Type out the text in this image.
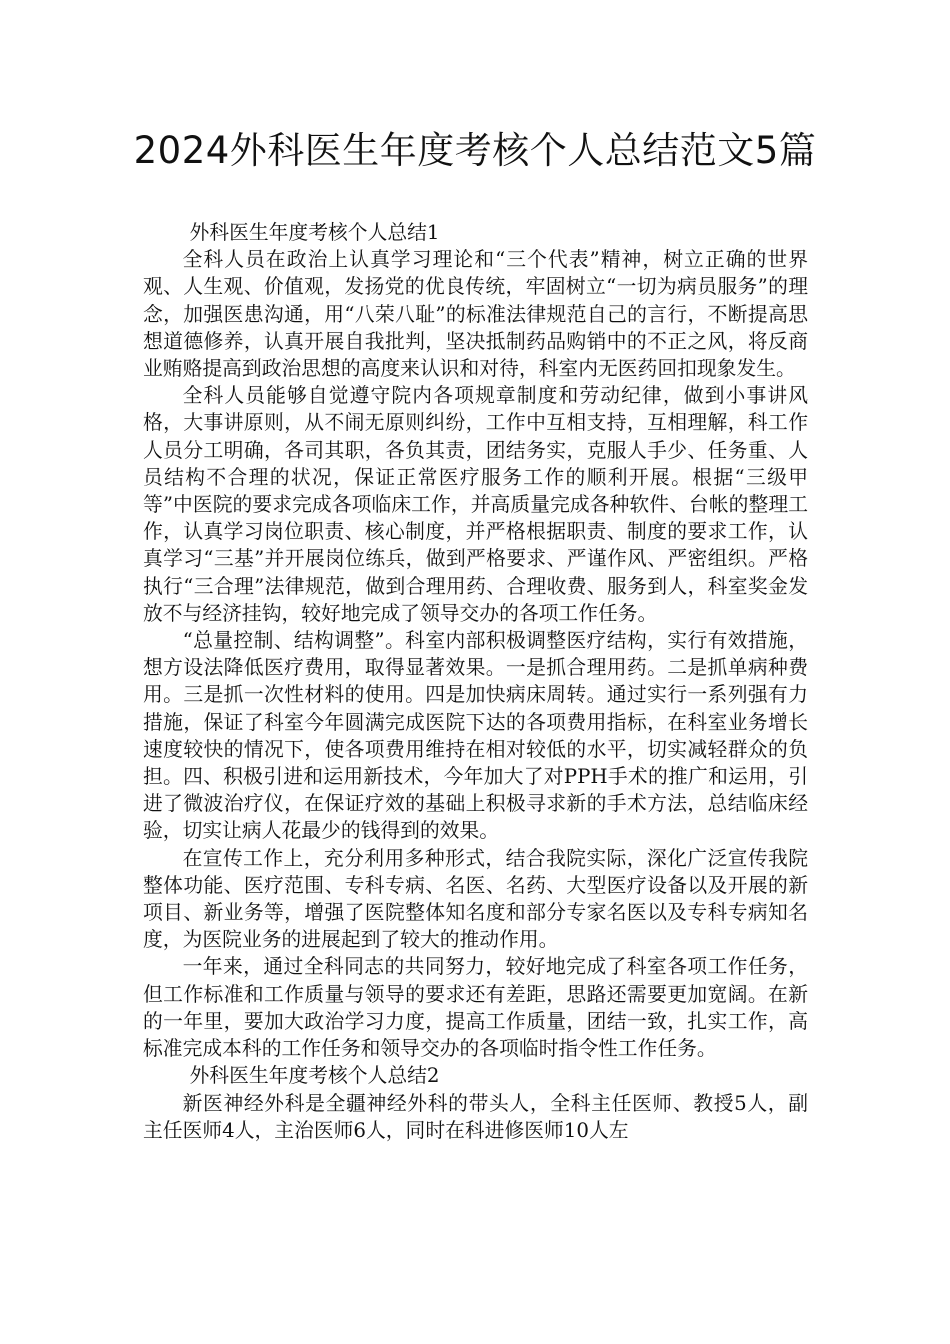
2024外科医生年度考核个人总结范文5篇

外科医生年度考核个人总结1

全科人员在政治上认真学习理论和“三个代表”精神，树立正确的世界观、人生观、价值观，发扬党的优良传统，牢固树立“一切为病员服务”的理念，加强医患沟通，用“八荣八耻”的标准法律规范自己的言行，不断提高思想道德修养，认真开展自我批判，坚决抵制药品购销中的不正之风，将反商业贿赂提高到政治思想的高度来认识和对待，科室内无医药回扣现象发生。

全科人员能够自觉遵守院内各项规章制度和劳动纪律，做到小事讲风格，大事讲原则，从不闹无原则纠纷，工作中互相支持，互相理解，科工作人员分工明确，各司其职，各负其责，团结务实，克服人手少、任务重、人员结构不合理的状况，保证正常医疗服务工作的顺利开展。根据“三级甲等”中医院的要求完成各项临床工作，并高质量完成各种软件、台帐的整理工作，认真学习岗位职责、核心制度，并严格根据职责、制度的要求工作，认真学习“三基”并开展岗位练兵，做到严格要求、严谨作风、严密组织。严格执行“三合理”法律规范，做到合理用药、合理收费、服务到人，科室奖金发放不与经济挂钩，较好地完成了领导交办的各项工作任务。

“总量控制、结构调整”。科室内部积极调整医疗结构，实行有效措施，想方设法降低医疗费用，取得显著效果。一是抓合理用药。二是抓单病种费用。三是抓一次性材料的使用。四是加快病床周转。通过实行一系列强有力措施，保证了科室今年圆满完成医院下达的各项费用指标，在科室业务增长速度较快的情况下，使各项费用维持在相对较低的水平，切实减轻群众的负担。四、积极引进和运用新技术，今年加大了对PPH手术的推广和运用，引进了微波治疗仪，在保证疗效的基础上积极寻求新的手术方法，总结临床经验，切实让病人花最少的钱得到的效果。

在宣传工作上，充分利用多种形式，结合我院实际，深化广泛宣传我院整体功能、医疗范围、专科专病、名医、名药、大型医疗设备以及开展的新项目、新业务等，增强了医院整体知名度和部分专家名医以及专科专病知名度，为医院业务的进展起到了较大的推动作用。

一年来，通过全科同志的共同努力，较好地完成了科室各项工作任务，但工作标准和工作质量与领导的要求还有差距，思路还需要更加宽阔。在新的一年里，要加大政治学习力度，提高工作质量，团结一致，扎实工作，高标准完成本科的工作任务和领导交办的各项临时指令性工作任务。

外科医生年度考核个人总结2

新医神经外科是全疆神经外科的带头人，全科主任医师、教授5人，副主任医师4人，主治医师6人，同时在科进修医师10人左
